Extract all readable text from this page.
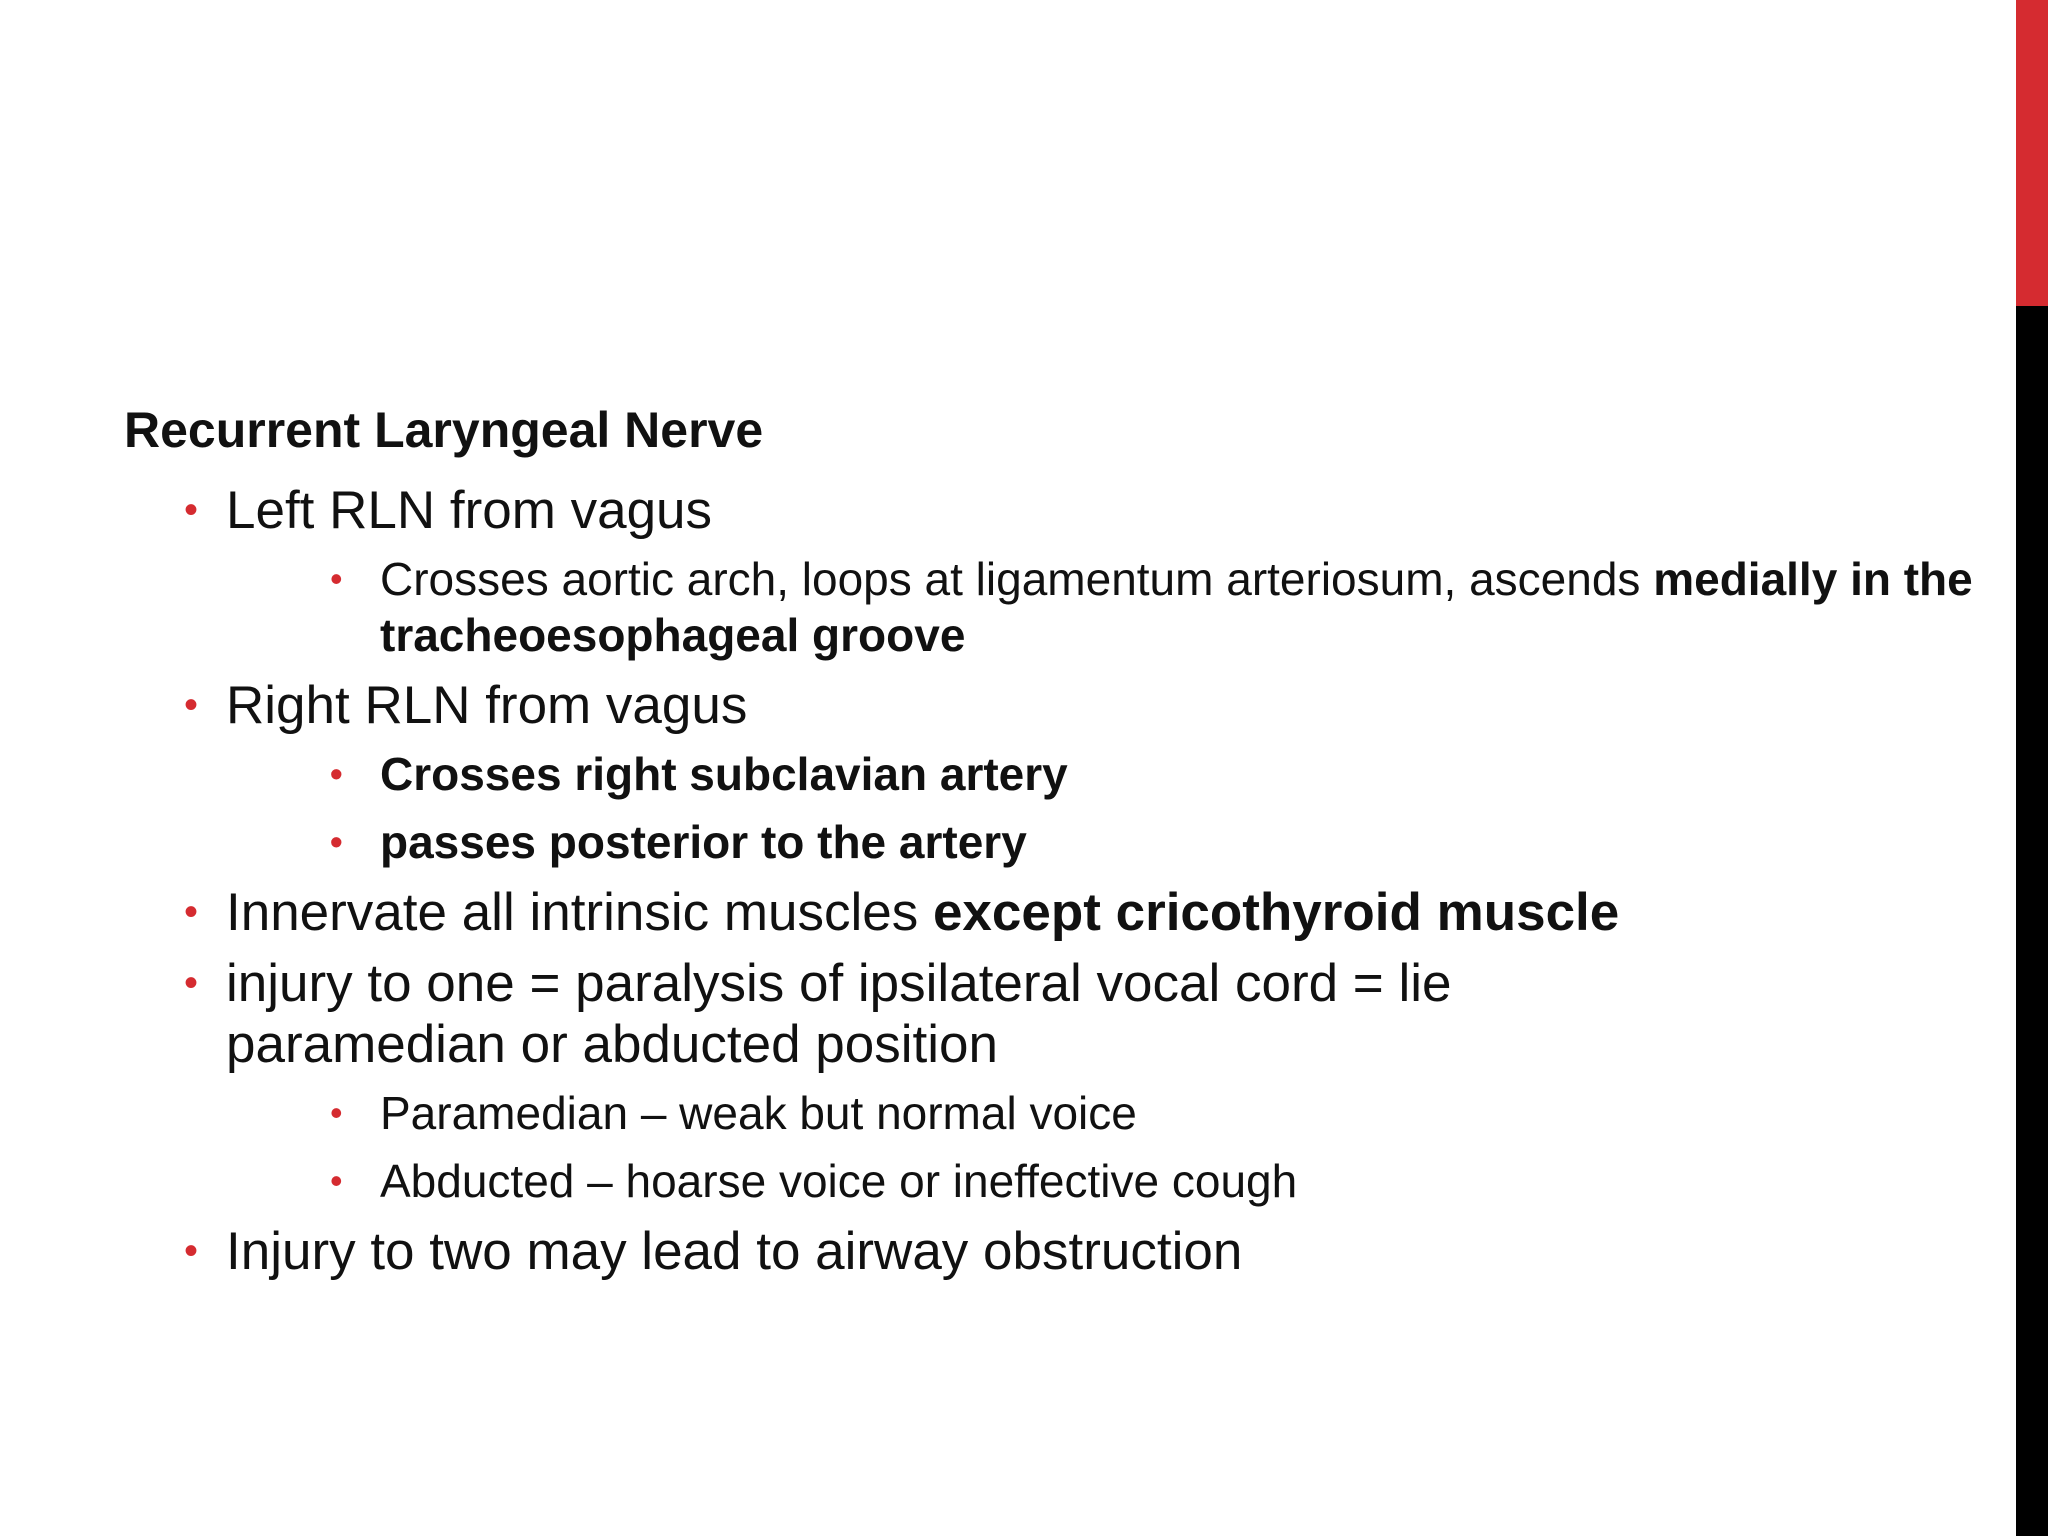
Recurrent Laryngeal Nerve
• Left RLN from vagus
• Crosses aortic arch, loops at ligamentum arteriosum, ascends medially in the tracheoesophageal groove
• Right RLN from vagus
• Crosses right subclavian artery
• passes posterior to the artery
• Innervate all intrinsic muscles except cricothyroid muscle
• injury to one = paralysis of ipsilateral vocal cord = lie paramedian or abducted position
• Paramedian – weak but normal voice
• Abducted – hoarse voice or ineffective cough
• Injury to two may lead to airway obstruction
